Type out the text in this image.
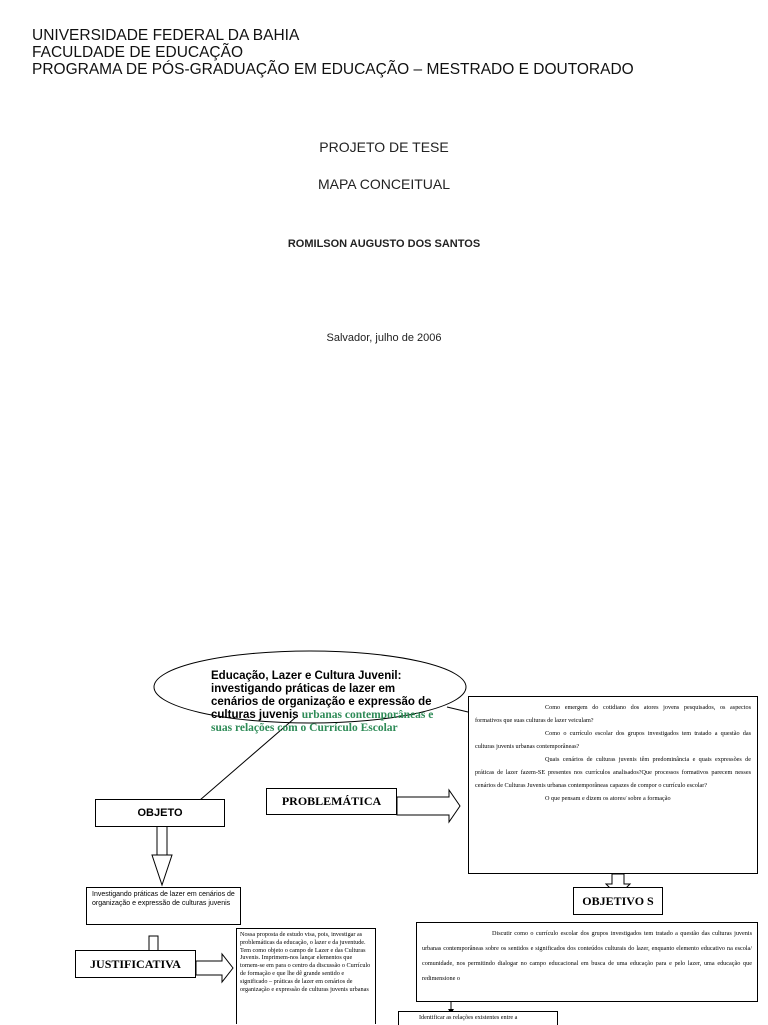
UNIVERSIDADE FEDERAL DA BAHIA
FACULDADE DE EDUCAÇÃO
PROGRAMA DE PÓS-GRADUAÇÃO EM EDUCAÇÃO – MESTRADO E DOUTORADO
PROJETO DE TESE
MAPA CONCEITUAL
ROMILSON AUGUSTO DOS SANTOS
Salvador, julho de 2006
Educação, Lazer e Cultura Juvenil: investigando práticas de lazer em cenários de organização e expressão de culturas juvenis urbanas contemporâneas e suas relações com o Currículo Escolar
OBJETO
PROBLEMÁTICA

Como emergem do cotidiano dos atores jovens pesquisados, os aspectos formativos que suas culturas de lazer veiculam?

Como o currículo escolar dos grupos investigados tem tratado a questão das culturas juvenis urbanas contemporâneas?

Quais cenários de culturas juvenis têm predominância e quais expressões de práticas de lazer fazem-SE presentes nos currículos analisados?Que processos formativos parecem nesses cenários de Culturas Juvenis urbanas contemporâneas capazes de compor o currículo escolar?

O que pensam e dizem os atores/ sobre a formação

Investigando práticas de lazer em cenários de organização e expressão de culturas juvenis	OBJETIVO S
JUSTIFICATIVA
Nossa proposta de estudo visa, pois, investigar as problemáticas da educação, o lazer e da juventude. Tem como objeto o campo de Lazer e das Culturas Juvenis. Imprimem-nos lançar elementos que tornem-se em para o centro da discussão o Currículo de formação e que lhe dê grande sentido e significado – práticas de lazer em cenários de organização e expressão de culturas juvenis urbanas

Discutir como o currículo escolar dos grupos investigados tem tratado a questão das culturas juvenis urbanas contemporâneas sobre os sentidos e significados dos conteúdos culturais do lazer, enquanto elemento educativo na escola/ comunidade, nos permitindo dialogar no campo educacional em busca de uma educação para e pelo lazer, uma educação que redimensione o

Identificar as relações existentes entre a
